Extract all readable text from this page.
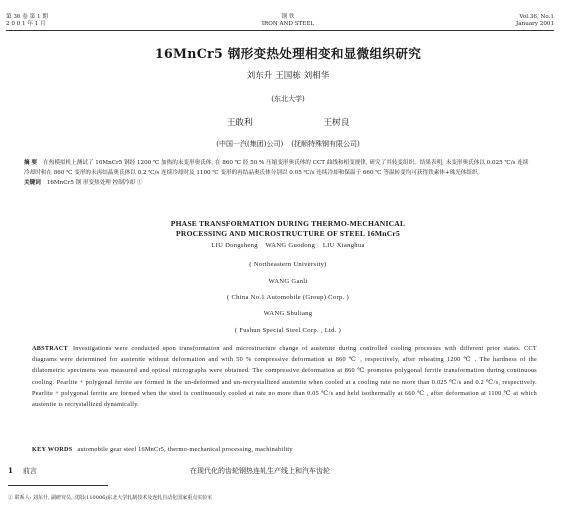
第 36 卷 第 1 期
2 0 0 1 年 1 月
钢 铁
IRON AND STEEL
Vol.36, No.1
January 2001
16MnCr5 钢形变热处理相变和显微组织研究
刘东升 王国栋 刘相华
(东北大学)
王敢利                          王树良
(中国一汽(集团)公司) (抚顺特殊钢有限公司)
摘 要 在热模拟机上测试了 16MnCr5 钢经 1200 ℃ 加热的未变形奥氏体, 在 860 ℃ 经 50 % 压缩变形奥氏体的 CCT 曲线和相变规律, 研究了其转变组织。结果表明, 未变形奥氏体以 0.025 ℃/s 连续冷却时和在 860 ℃ 变形的未再结晶奥氏体以 0.2 ℃/s 连续冷却时及 1100 ℃ 变形的再结晶奥氏体分别以 0.05 ℃/s 连续冷却和保温于 660 ℃ 等温转变均可获得铁素体+珠光体组织。
关键词 16MnCr5 钢 形变热处理 控制冷却 ①
PHASE TRANSFORMATION DURING THERMO-MECHANICAL
PROCESSING AND MICROSTRUCTURE OF STEEL 16MnCr5
LIU Dongsheng    WANG Guodong    LIU Xianghua
( Northeastern University)
WANG Ganli
( China No.1 Automobile (Group) Corp. )
WANG Shuliang
( Fushun Special Steel Corp. , Ltd. )
ABSTRACT Investigations were conducted upon transformation and microstructure change of austenite during controlled cooling processes with different prior states. CCT diagrams were determined for austenite without deformation and with 50 % compressive deformation at 860 ℃ , respectively, after reheating 1200 ℃ . The hardness of the dilatometric specimens was measured and optical micrographs were obtained. The compressive deformation at 860 ℃ promotes polygonal ferrite transformation during continuous cooling. Pearlite + polygonal ferrite are formed in the un-deformed and un-recrystallized austenite when cooled at a cooling rate no more than 0.025 ℃/s and 0.2 ℃/s, respectively. Pearlite + polygonal ferrite are formed when the steel is continuously cooled at rate no more than 0.05 ℃/s and held isothermally at 660 ℃ , after deformation at 1100 ℃ at which austenite is recrystallized dynamically.
KEY WORDS automobile gear steel 16MnCr5, thermo-mechanical processing, machinability
1 前言	在现代化的齿轮钢热连轧生产线上和汽车齿轮
① 联系人: 刘东升, 副研究员, 沈阳(110006)东北大学轧制技术及连轧自动化国家重点实验室
